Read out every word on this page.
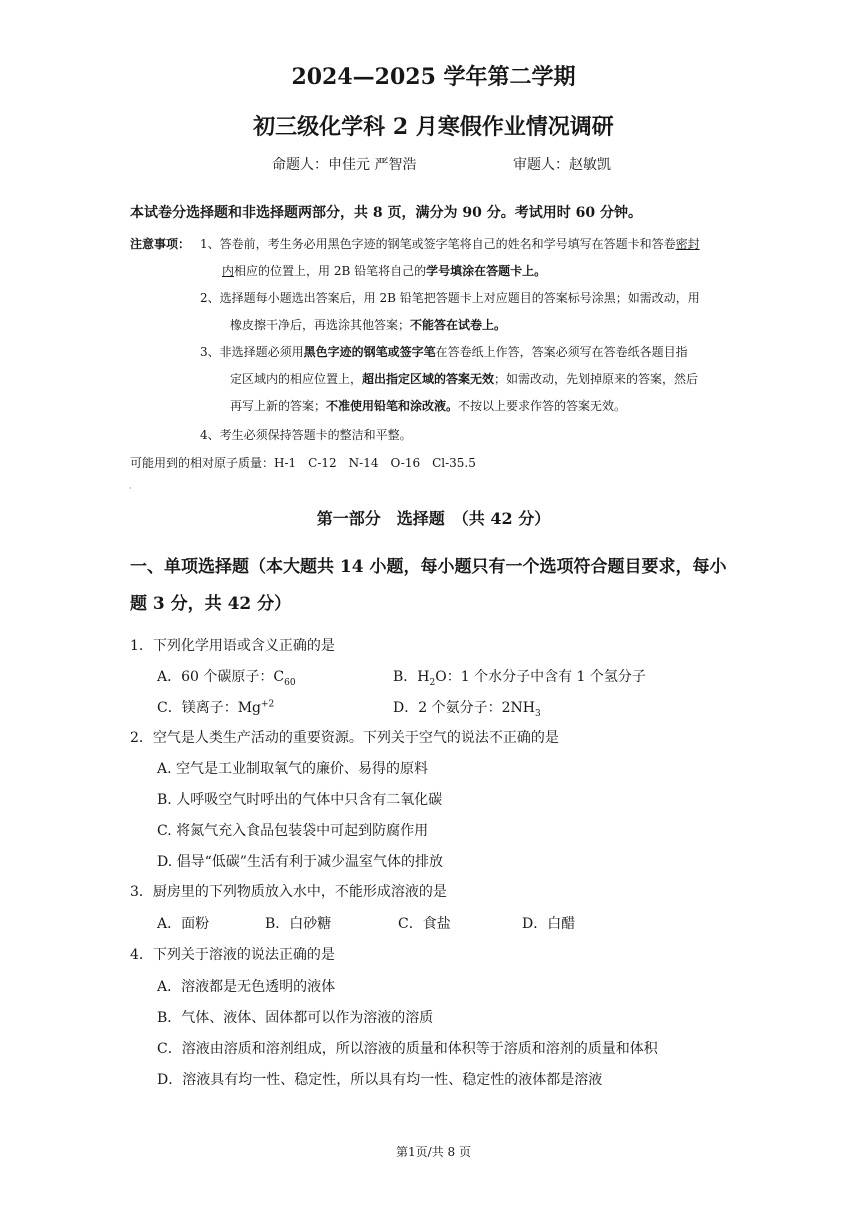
2024—2025 学年第二学期
初三级化学科 2 月寒假作业情况调研
命题人：申佳元 严智浩	审题人：赵敏凯
本试卷分选择题和非选择题两部分，共 8 页，满分为 90 分。考试用时 60 分钟。
注意事项： 1、答卷前，考生务必用黑色字迹的钢笔或签字笔将自己的姓名和学号填写在答题卡和答卷密封
内相应的位置上，用 2B 铅笔将自己的学号填涂在答题卡上。
2、选择题每小题选出答案后，用 2B 铅笔把答题卡上对应题目的答案标号涂黑；如需改动，用
橡皮擦干净后，再选涂其他答案；不能答在试卷上。
3、非选择题必须用黑色字迹的钢笔或签字笔在答卷纸上作答，答案必须写在答卷纸各题目指
定区域内的相应位置上，超出指定区域的答案无效；如需改动，先划掉原来的答案，然后
再写上新的答案；不准使用铅笔和涂改液。不按以上要求作答的答案无效。
4、考生必须保持答题卡的整洁和平整。
可能用到的相对原子质量：H-1　C-12　N-14　O-16　Cl-35.5
·
第一部分　选择题　（共 42 分）
一、单项选择题（本大题共 14 小题，每小题只有一个选项符合题目要求，每小
题 3 分，共 42 分）
1．下列化学用语或含义正确的是
A．60 个碳原子：$C_{60}$	B．$H_2O$：1 个水分子中含有 1 个氢分子
C．镁离子：$Mg^{+2}$	D．2 个氨分子：$2NH_3$
2．空气是人类生产活动的重要资源。下列关于空气的说法不正确的是
A. 空气是工业制取氧气的廉价、易得的原料
B. 人呼吸空气时呼出的气体中只含有二氧化碳
C. 将氮气充入食品包装袋中可起到防腐作用
D. 倡导“低碳”生活有利于减少温室气体的排放
3．厨房里的下列物质放入水中，不能形成溶液的是
A．面粉	B．白砂糖	C．食盐	D．白醋
4．下列关于溶液的说法正确的是
A．溶液都是无色透明的液体
B．气体、液体、固体都可以作为溶液的溶质
C．溶液由溶质和溶剂组成，所以溶液的质量和体积等于溶质和溶剂的质量和体积
D．溶液具有均一性、稳定性，所以具有均一性、稳定性的液体都是溶液
第1页/共 8 页
